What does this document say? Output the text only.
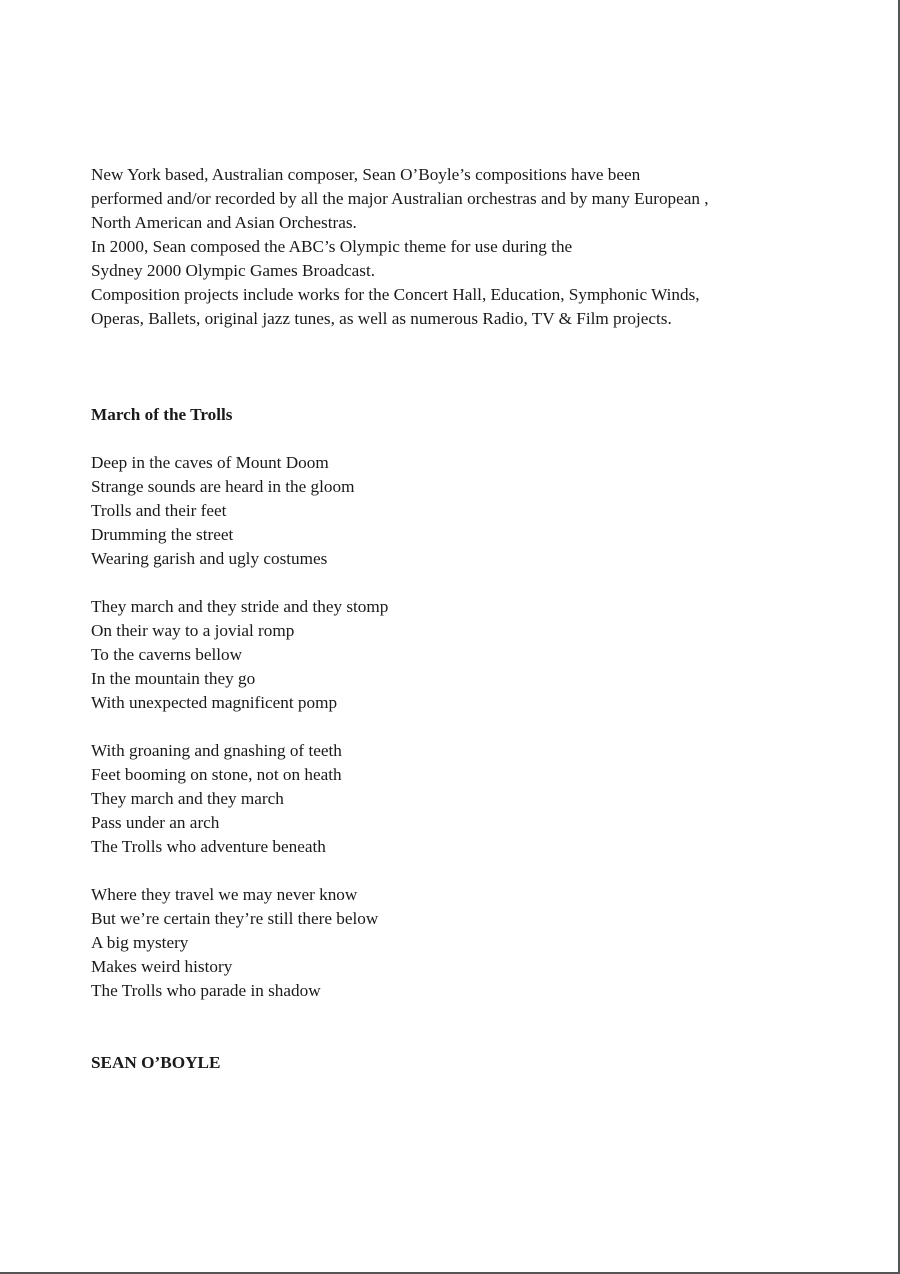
New York based, Australian composer, Sean O’Boyle’s compositions have been
performed and/or recorded by all the major Australian orchestras and by many European ,
North American and Asian Orchestras.
In 2000, Sean composed the ABC’s Olympic theme for use during the
Sydney 2000 Olympic Games Broadcast.
Composition projects include works for the Concert Hall, Education, Symphonic Winds,
Operas, Ballets, original jazz tunes, as well as numerous Radio, TV & Film projects.
March of the Trolls
Deep in the caves of Mount Doom
Strange sounds are heard in the gloom
Trolls and their feet
Drumming the street
Wearing garish and ugly costumes
They march and they stride and they stomp
On their way to a jovial romp
To the caverns bellow
In the mountain they go
With unexpected magnificent pomp
With groaning and gnashing of teeth
Feet booming on stone, not on heath
They march and they march
Pass under an arch
The Trolls who adventure beneath
Where they travel we may never know
But we’re certain they’re still there below
A big mystery
Makes weird history
The Trolls who parade in shadow
SEAN O’BOYLE
